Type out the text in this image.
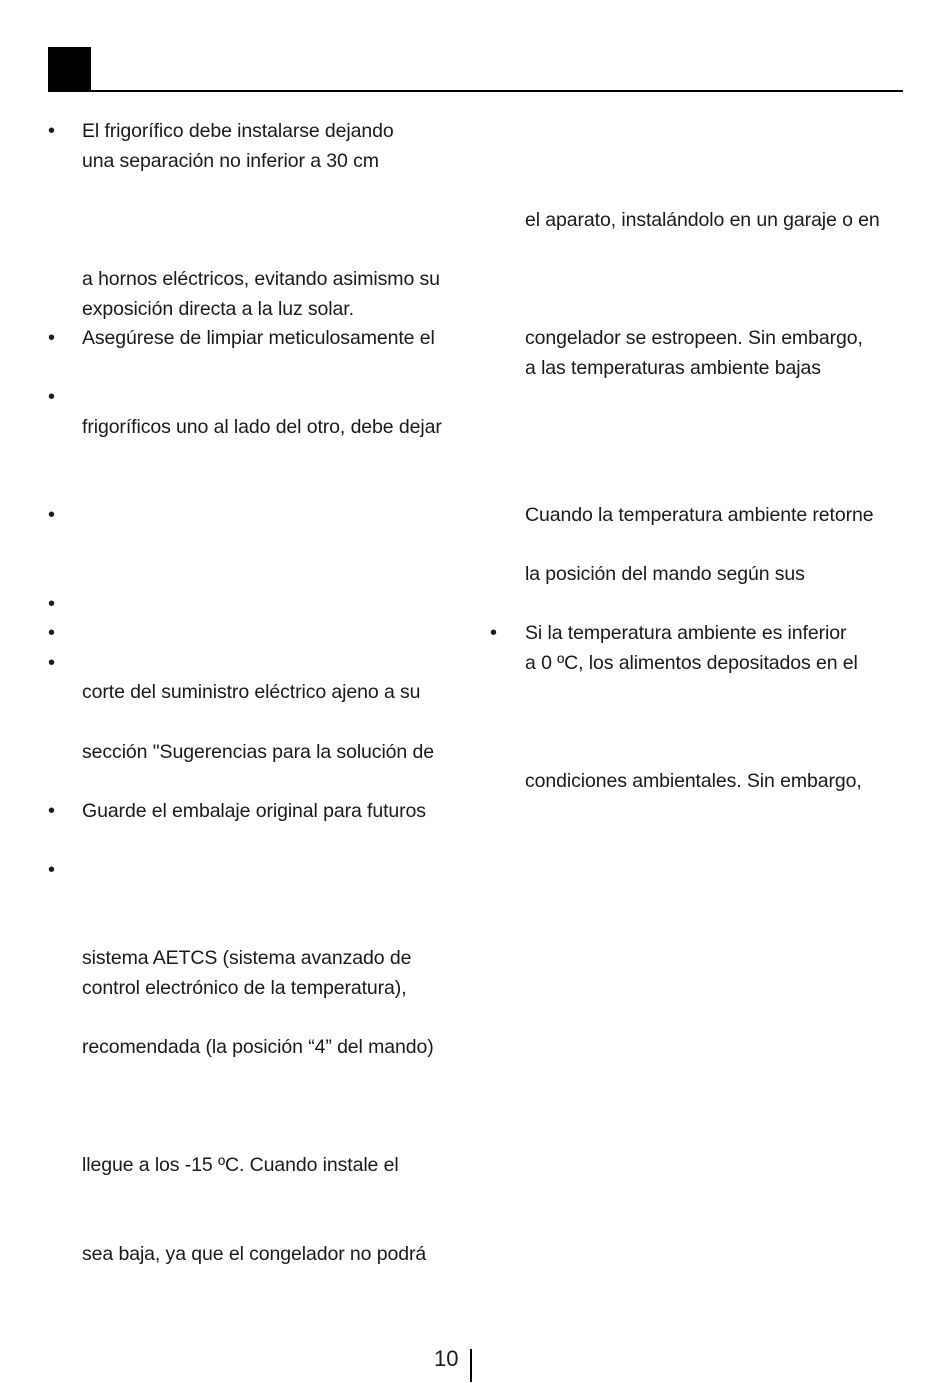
•
•
•
•
•
•
•
•
•
El frigorífico debe instalarse dejando
una separación no inferior a 30 cm
a hornos eléctricos, evitando asimismo su
exposición directa a la luz solar.
Asegúrese de limpiar meticulosamente el
frigoríficos uno al lado del otro, debe dejar
corte del suministro eléctrico ajeno a su
sección "Sugerencias para la solución de
Guarde el embalaje original para futuros
sistema AETCS (sistema avanzado de
control electrónico de la temperatura),
recomendada (la posición “4” del mando)
llegue a los -15 ºC. Cuando instale el
sea baja, ya que el congelador no podrá
el aparato, instalándolo en un garaje o en
congelador se estropeen. Sin embargo,
a las temperaturas ambiente bajas
Cuando la temperatura ambiente retorne
la posición del mando según sus
• Si la temperatura ambiente es inferior
a 0 ºC, los alimentos depositados en el
condiciones ambientales. Sin embargo,
10
